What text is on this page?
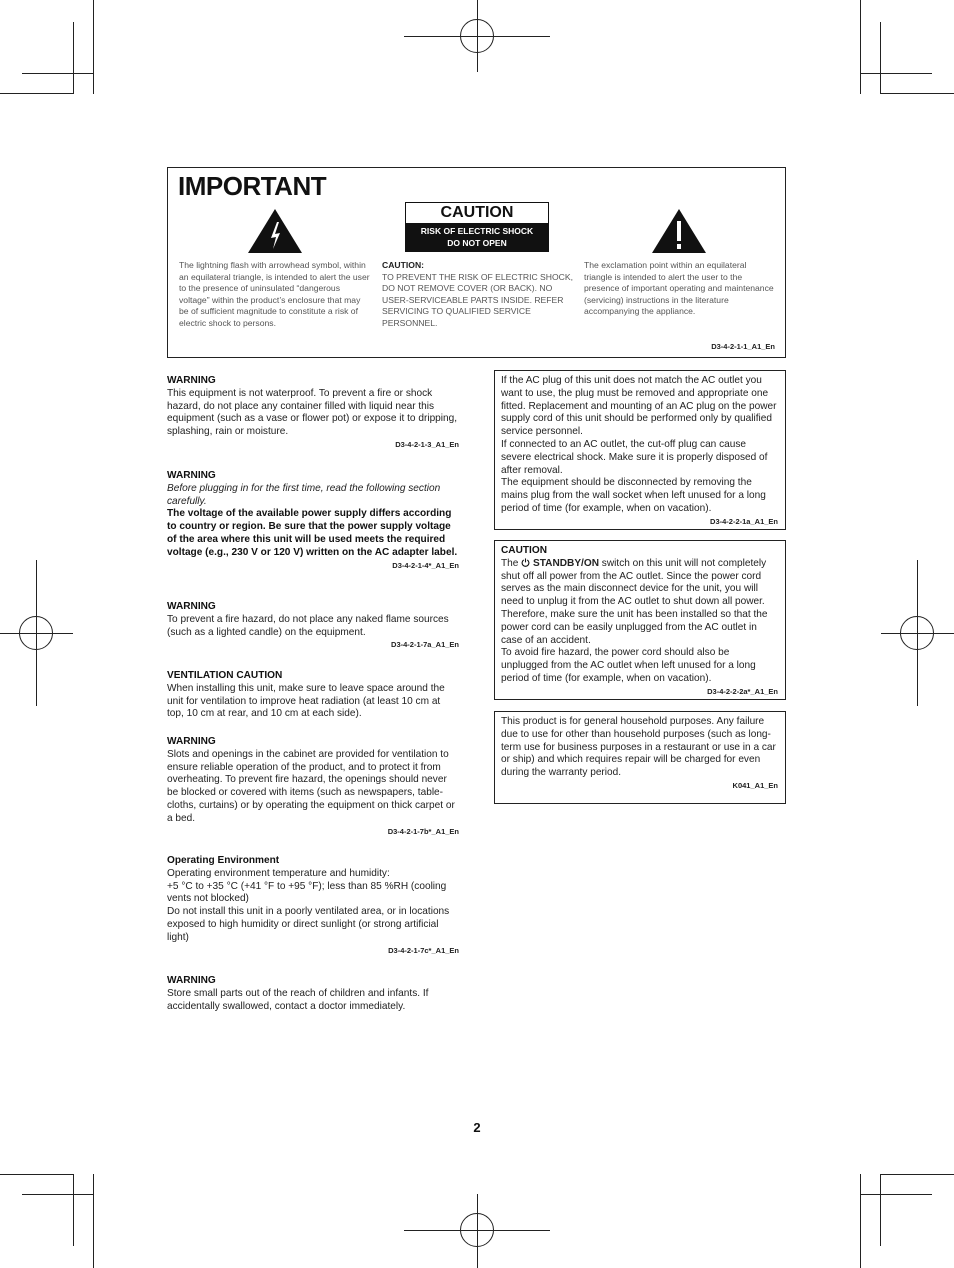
IMPORTANT
CAUTION
RISK OF ELECTRIC SHOCK
DO NOT OPEN
The lightning flash with arrowhead symbol, within an equilateral triangle, is intended to alert the user to the presence of uninsulated “dangerous voltage” within the product’s enclosure that may be of sufficient magnitude to constitute a risk of electric shock to persons.
CAUTION:
TO PREVENT THE RISK OF ELECTRIC SHOCK, DO NOT REMOVE COVER (OR BACK). NO USER-SERVICEABLE PARTS INSIDE. REFER SERVICING TO QUALIFIED SERVICE PERSONNEL.
The exclamation point within an equilateral triangle is intended to alert the user to the presence of important operating and maintenance (servicing) instructions in the literature accompanying the appliance.
D3-4-2-1-1_A1_En
WARNING
This equipment is not waterproof. To prevent a fire or shock hazard, do not place any container filled with liquid near this equipment (such as a vase or flower pot) or expose it to dripping, splashing, rain or moisture.
D3-4-2-1-3_A1_En
WARNING
Before plugging in for the first time, read the following section carefully.
The voltage of the available power supply differs according to country or region. Be sure that the power supply voltage of the area where this unit will be used meets the required voltage (e.g., 230 V or 120 V) written on the AC adapter label.
D3-4-2-1-4*_A1_En
WARNING
To prevent a fire hazard, do not place any naked flame sources (such as a lighted candle) on the equipment.
D3-4-2-1-7a_A1_En
VENTILATION CAUTION
When installing this unit, make sure to leave space around the unit for ventilation to improve heat radiation (at least 10 cm at top, 10 cm at rear, and 10 cm at each side).
WARNING
Slots and openings in the cabinet are provided for ventilation to ensure reliable operation of the product, and to protect it from overheating. To prevent fire hazard, the openings should never be blocked or covered with items (such as newspapers, table-cloths, curtains) or by operating the equipment on thick carpet or a bed.
D3-4-2-1-7b*_A1_En
Operating Environment
Operating environment temperature and humidity:
+5 °C to +35 °C (+41 °F to +95 °F); less than 85 %RH (cooling vents not blocked)
Do not install this unit in a poorly ventilated area, or in locations exposed to high humidity or direct sunlight (or strong artificial light)
D3-4-2-1-7c*_A1_En
WARNING
Store small parts out of the reach of children and infants. If accidentally swallowed, contact a doctor immediately.
If the AC plug of this unit does not match the AC outlet you want to use, the plug must be removed and appropriate one fitted. Replacement and mounting of an AC plug on the power supply cord of this unit should be performed only by qualified service personnel.
If connected to an AC outlet, the cut-off plug can cause severe electrical shock. Make sure it is properly disposed of after removal.
The equipment should be disconnected by removing the mains plug from the wall socket when left unused for a long period of time (for example, when on vacation).
D3-4-2-2-1a_A1_En
CAUTION
The  STANDBY/ON switch on this unit will not completely shut off all power from the AC outlet. Since the power cord serves as the main disconnect device for the unit, you will need to unplug it from the AC outlet to shut down all power. Therefore, make sure the unit has been installed so that the power cord can be easily unplugged from the AC outlet in case of an accident.
To avoid fire hazard, the power cord should also be unplugged from the AC outlet when left unused for a long period of time (for example, when on vacation).
D3-4-2-2-2a*_A1_En
This product is for general household purposes. Any failure due to use for other than household purposes (such as long-term use for business purposes in a restaurant or use in a car or ship) and which requires repair will be charged for even during the warranty period.
K041_A1_En
2
